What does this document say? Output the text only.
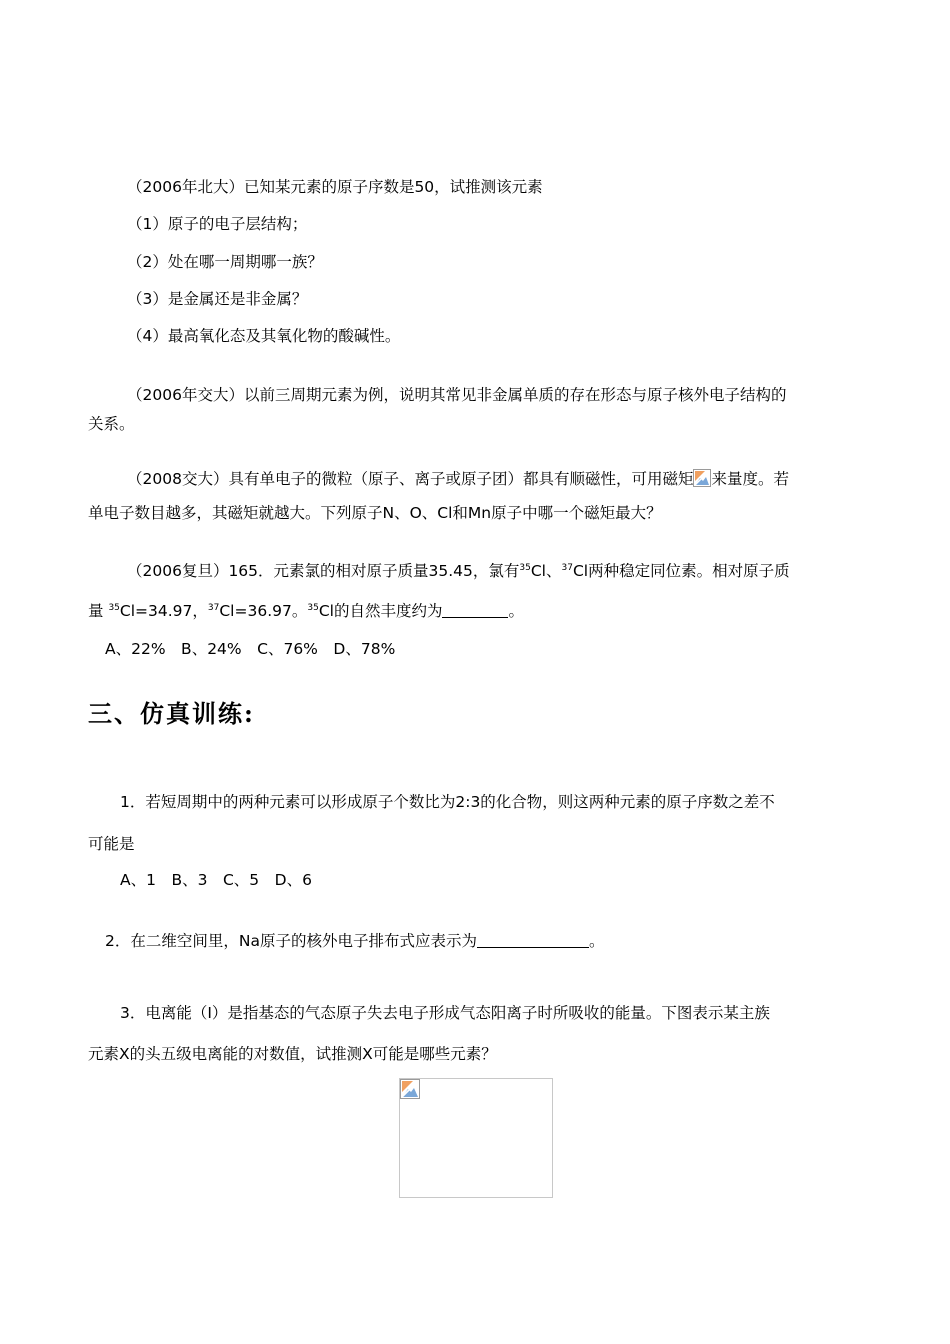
（2006年北大）已知某元素的原子序数是50，试推测该元素
（1）原子的电子层结构；
（2）处在哪一周期哪一族？
（3）是金属还是非金属？
（4）最高氧化态及其氧化物的酸碱性。
（2006年交大）以前三周期元素为例，说明其常见非金属单质的存在形态与原子核外电子结构的
关系。
（2008交大）具有单电子的微粒（原子、离子或原子团）都具有顺磁性，可用磁矩 来量度。若
单电子数目越多，其磁矩就越大。下列原子N、O、Cl和Mn原子中哪一个磁矩最大？
（2006复旦）165．元素氯的相对原子质量35.45，氯有$^{35}$Cl、$^{37}$Cl两种稳定同位素。相对原子质
量 $^{35}$Cl=34.97，$^{37}$Cl=36.97。$^{35}$Cl的自然丰度约为	。
A、22%　B、24%　C、76%　D、78%
三、仿真训练:
1．若短周期中的两种元素可以形成原子个数比为2:3的化合物，则这两种元素的原子序数之差不
可能是
A、1　B、3　C、5　D、6
2．在二维空间里，Na原子的核外电子排布式应表示为	。
3．电离能（I）是指基态的气态原子失去电子形成气态阳离子时所吸收的能量。下图表示某主族
元素X的头五级电离能的对数值，试推测X可能是哪些元素？
